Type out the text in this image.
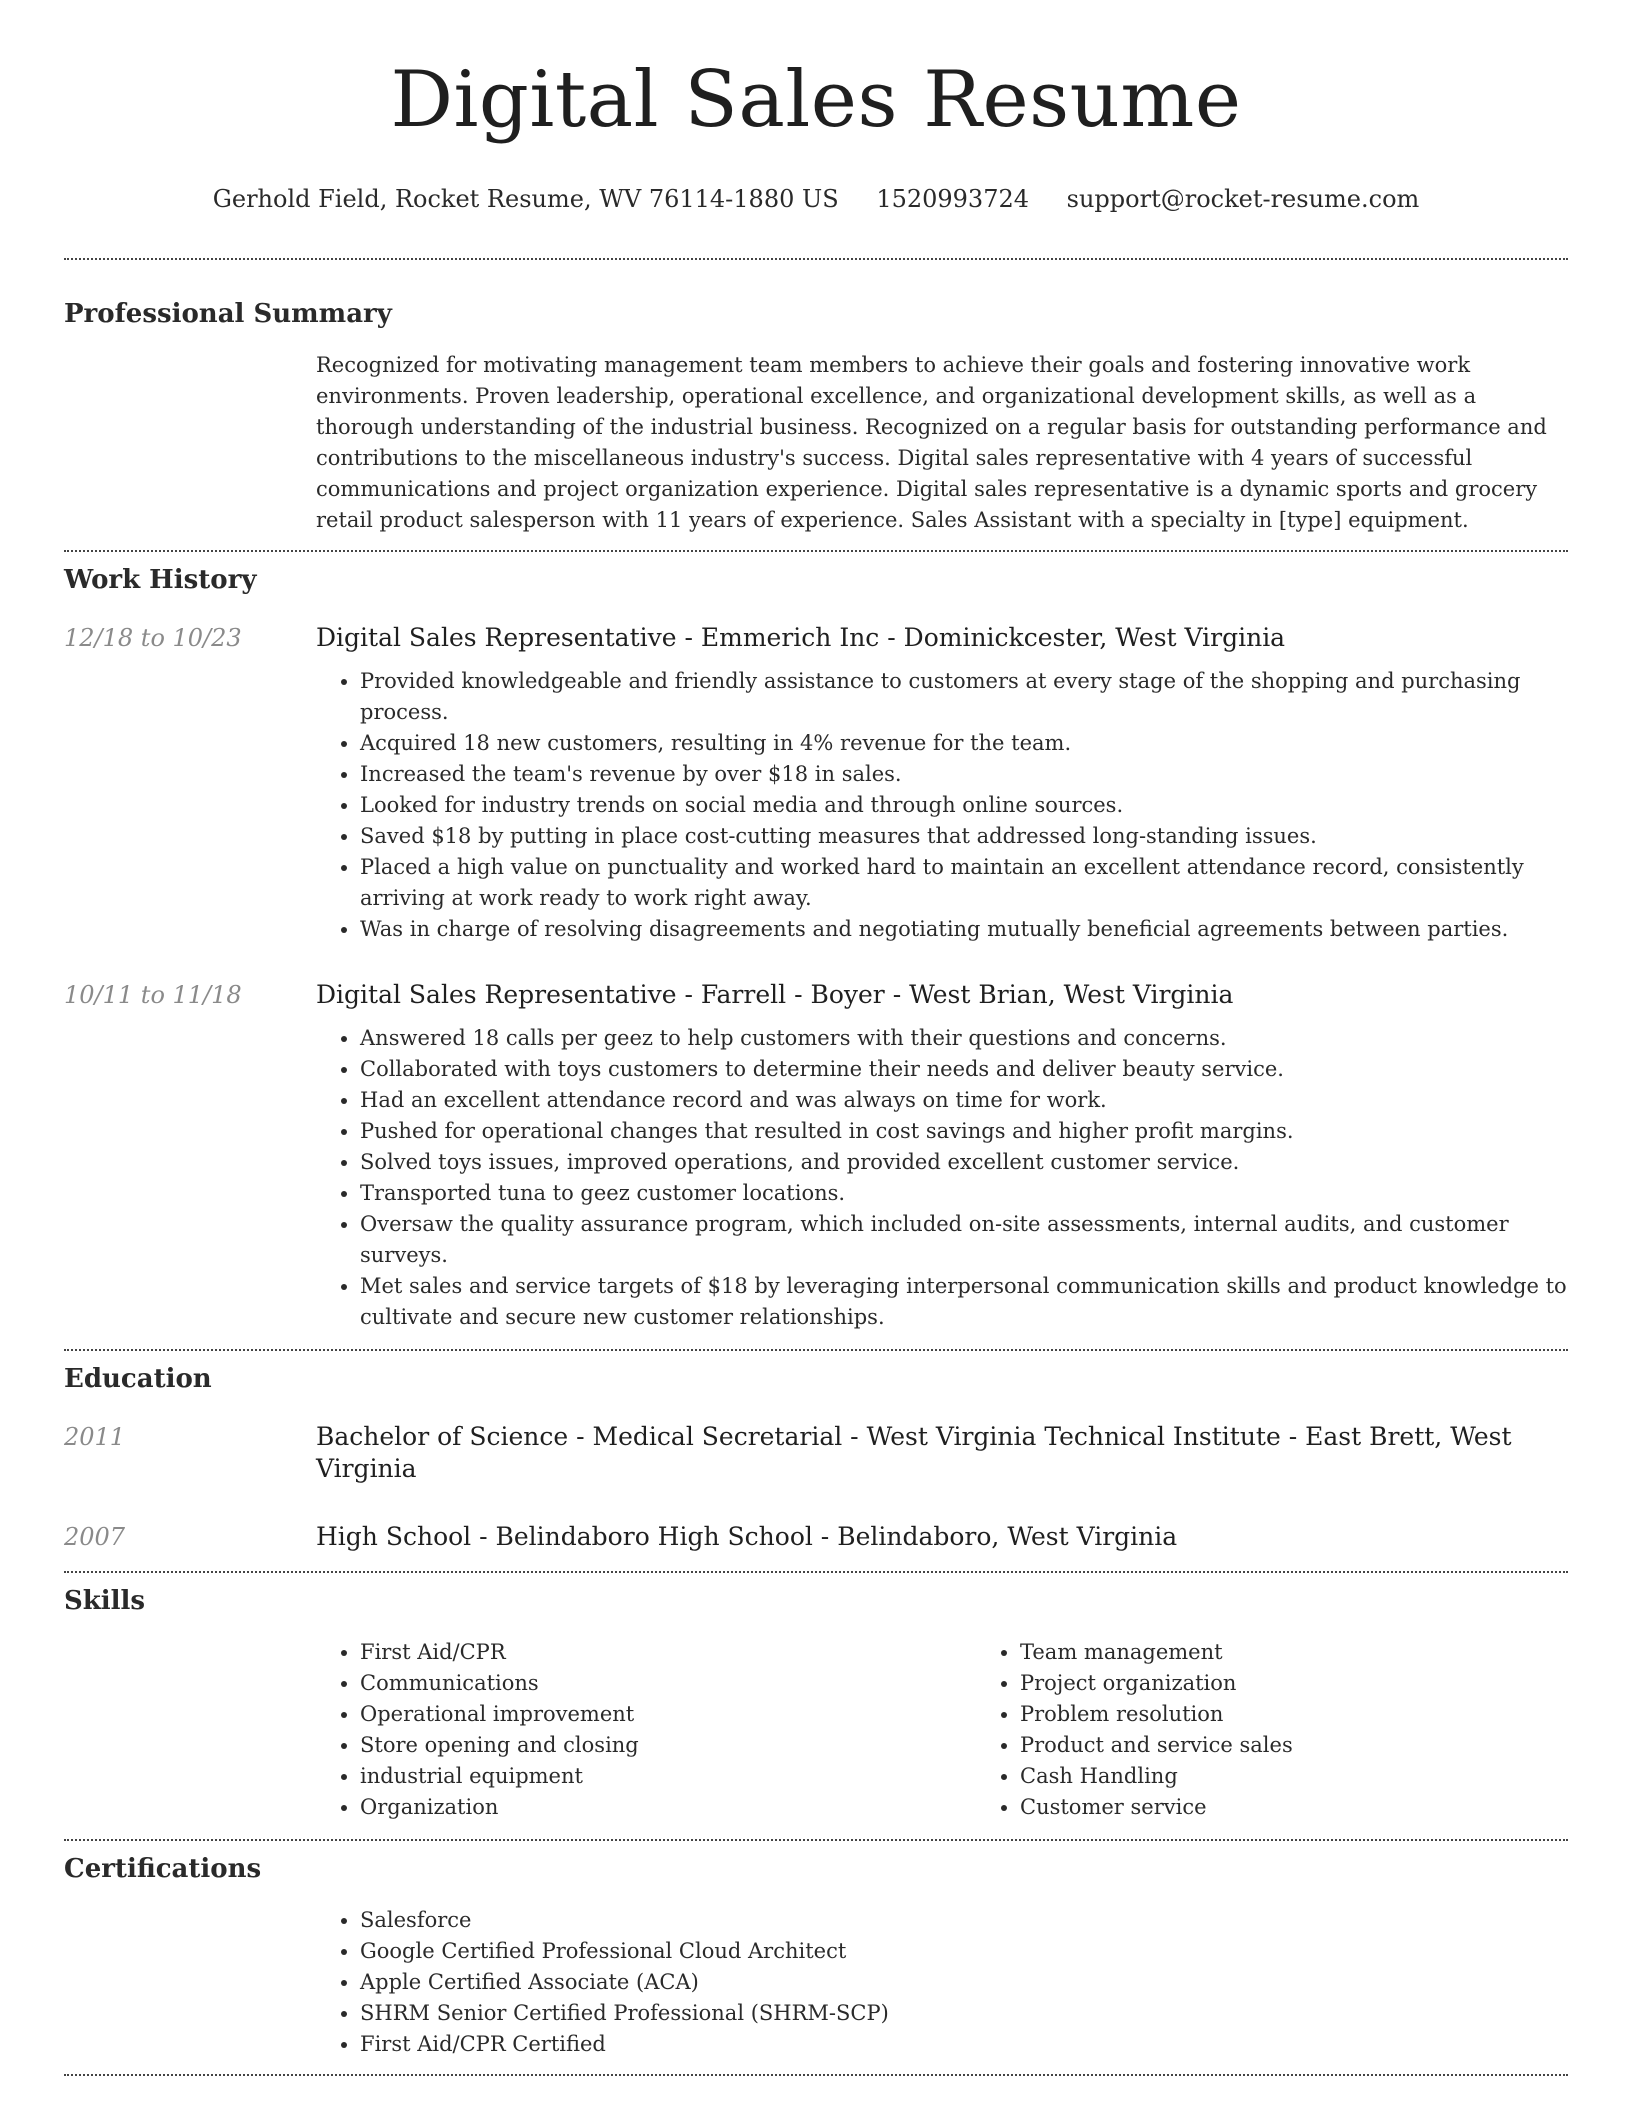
Digital Sales Resume
Gerhold Field, Rocket Resume, WV 76114-1880 US 1520993724 support@rocket-resume.com
Professional Summary

Recognized for motivating management team members to achieve their goals and fostering innovative work environments. Proven leadership, operational excellence, and organizational development skills, as well as a thorough understanding of the industrial business. Recognized on a regular basis for outstanding performance and contributions to the miscellaneous industry's success. Digital sales representative with 4 years of successful communications and project organization experience. Digital sales representative is a dynamic sports and grocery retail product salesperson with 11 years of experience. Sales Assistant with a specialty in [type] equipment.

Work History
12/18 to 10/23	Digital Sales Representative - Emmerich Inc - Dominickcester, West Virginia
• Provided knowledgeable and friendly assistance to customers at every stage of the shopping and purchasing process.
• Acquired 18 new customers, resulting in 4% revenue for the team.
• Increased the team's revenue by over $18 in sales.
• Looked for industry trends on social media and through online sources.
• Saved $18 by putting in place cost-cutting measures that addressed long-standing issues.
• Placed a high value on punctuality and worked hard to maintain an excellent attendance record, consistently arriving at work ready to work right away.
• Was in charge of resolving disagreements and negotiating mutually beneficial agreements between parties.
10/11 to 11/18	Digital Sales Representative - Farrell - Boyer - West Brian, West Virginia
• Answered 18 calls per geez to help customers with their questions and concerns.
• Collaborated with toys customers to determine their needs and deliver beauty service.
• Had an excellent attendance record and was always on time for work.
• Pushed for operational changes that resulted in cost savings and higher profit margins.
• Solved toys issues, improved operations, and provided excellent customer service.
• Transported tuna to geez customer locations.
• Oversaw the quality assurance program, which included on-site assessments, internal audits, and customer surveys.
• Met sales and service targets of $18 by leveraging interpersonal communication skills and product knowledge to cultivate and secure new customer relationships.
Education
2011	Bachelor of Science - Medical Secretarial - West Virginia Technical Institute - East Brett, West Virginia
2007	High School - Belindaboro High School - Belindaboro, West Virginia
Skills
• First Aid/CPR
• Communications
• Operational improvement
• Store opening and closing
• industrial equipment
• Organization
• Team management
• Project organization
• Problem resolution
• Product and service sales
• Cash Handling
• Customer service
Certifications
• Salesforce
• Google Certified Professional Cloud Architect
• Apple Certified Associate (ACA)
• SHRM Senior Certified Professional (SHRM-SCP)
• First Aid/CPR Certified
